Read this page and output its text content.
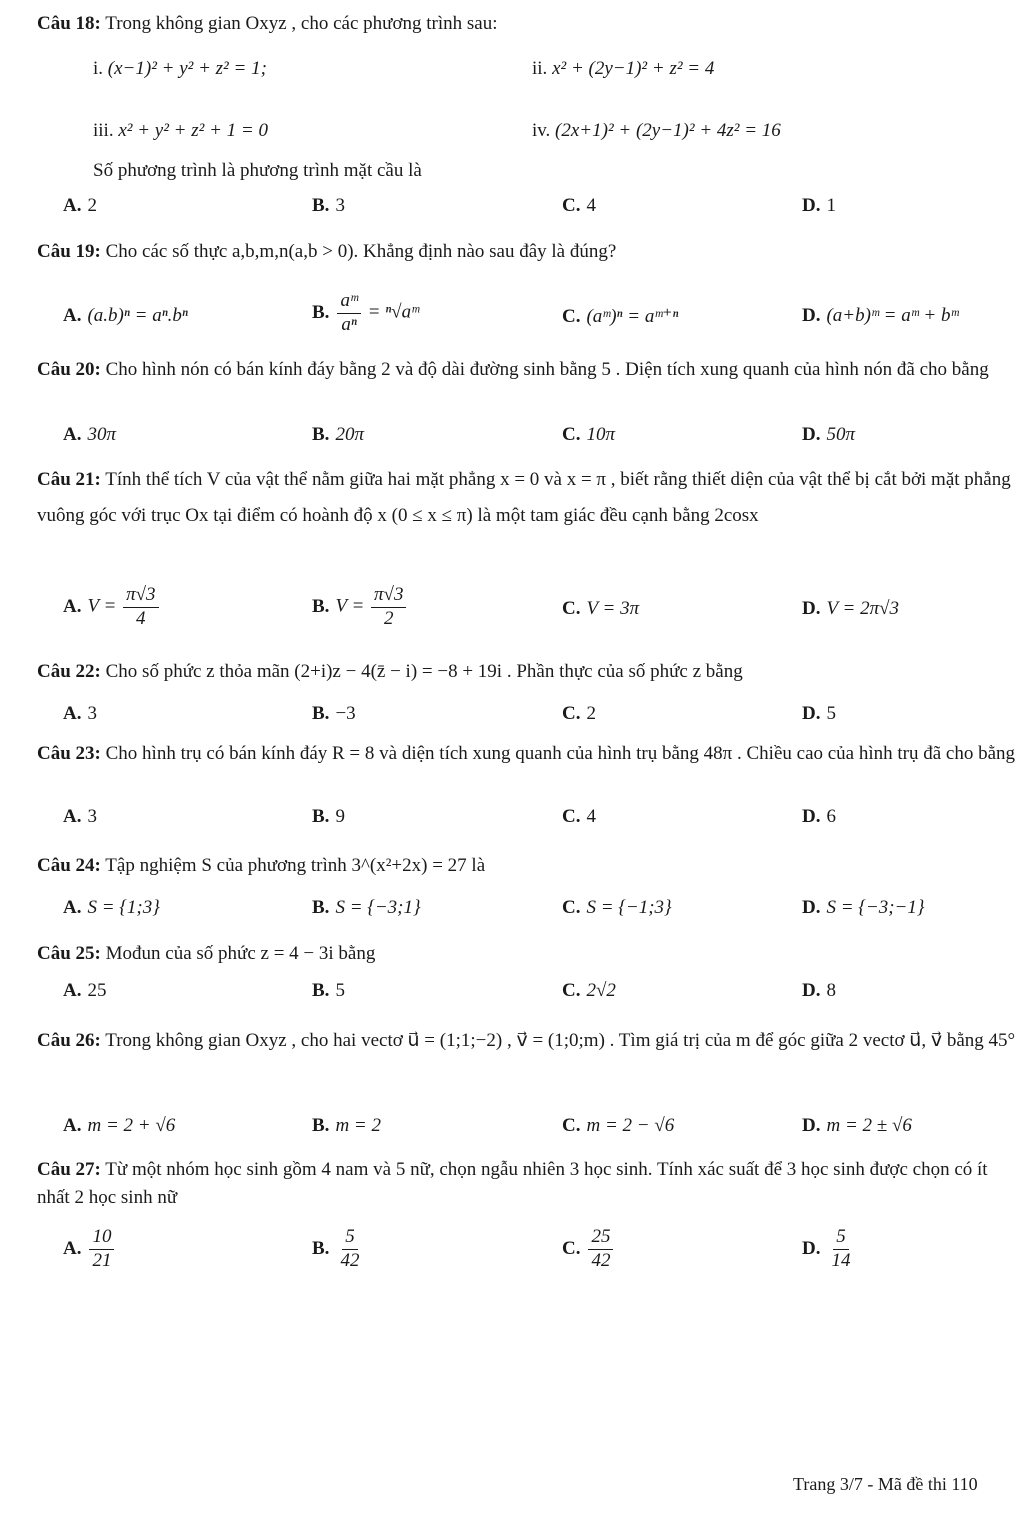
Câu 18: Trong không gian Oxyz , cho các phương trình sau:
i. (x−1)² + y² + z² = 1;	ii. x² + (2y−1)² + z² = 4
iii. x² + y² + z² + 1 = 0	iv. (2x+1)² + (2y−1)² + 4z² = 16
Số phương trình là phương trình mặt cầu là
A. 2	B. 3	C. 4	D. 1
Câu 19: Cho các số thực a,b,m,n(a,b > 0). Khẳng định nào sau đây là đúng?
A. (a.b)ⁿ = aⁿ.bⁿ	B. $\frac{\text{aᵐ}}{\text{aⁿ}}$ = ⁿ√aᵐ	C. (aᵐ)ⁿ = aᵐ⁺ⁿ	D. (a+b)ᵐ = aᵐ + bᵐ
Câu 20: Cho hình nón có bán kính đáy bằng 2 và độ dài đường sinh bằng 5 . Diện tích xung quanh của hình nón đã cho bằng
A. 30π	B. 20π	C. 10π	D. 50π
Câu 21: Tính thể tích V của vật thể nằm giữa hai mặt phẳng x = 0 và x = π , biết rằng thiết diện của vật thể bị cắt bởi mặt phẳng vuông góc với trục Ox tại điểm có hoành độ x (0 ≤ x ≤ π) là một tam giác đều cạnh bằng 2cosx
A. $V = \frac{\pi√3}{4}$	B. $V = \frac{\pi√3}{2}$	C. V = 3π	D. V = 2π√3
Câu 22: Cho số phức z thỏa mãn (2+i)z − 4(z̄ − i) = −8 + 19i . Phần thực của số phức z bằng
A. 3	B. −3	C. 2	D. 5
Câu 23: Cho hình trụ có bán kính đáy R = 8 và diện tích xung quanh của hình trụ bằng 48π . Chiều cao của hình trụ đã cho bằng
A. 3	B. 9	C. 4	D. 6
Câu 24: Tập nghiệm S của phương trình 3^(x²+2x) = 27 là
A. S = {1;3}	B. S = {−3;1}	C. S = {−1;3}	D. S = {−3;−1}
Câu 25: Mođun của số phức z = 4 − 3i bằng
A. 25	B. 5	C. 2√2	D. 8
Câu 26: Trong không gian Oxyz , cho hai vectơ u⃗ = (1;1;−2) , v⃗ = (1;0;m) . Tìm giá trị của m để góc giữa 2 vectơ u⃗, v⃗ bằng 45°
A. m = 2 + √6	B. m = 2	C. m = 2 − √6	D. m = 2 ± √6
Câu 27: Từ một nhóm học sinh gồm 4 nam và 5 nữ, chọn ngẫu nhiên 3 học sinh. Tính xác suất để 3 học sinh được chọn có ít nhất 2 học sinh nữ
A. $\frac{10}{21}$	B. $\frac{5}{42}$	C. $\frac{25}{42}$	D. $\frac{5}{14}$
Trang 3/7 - Mã đề thi 110
